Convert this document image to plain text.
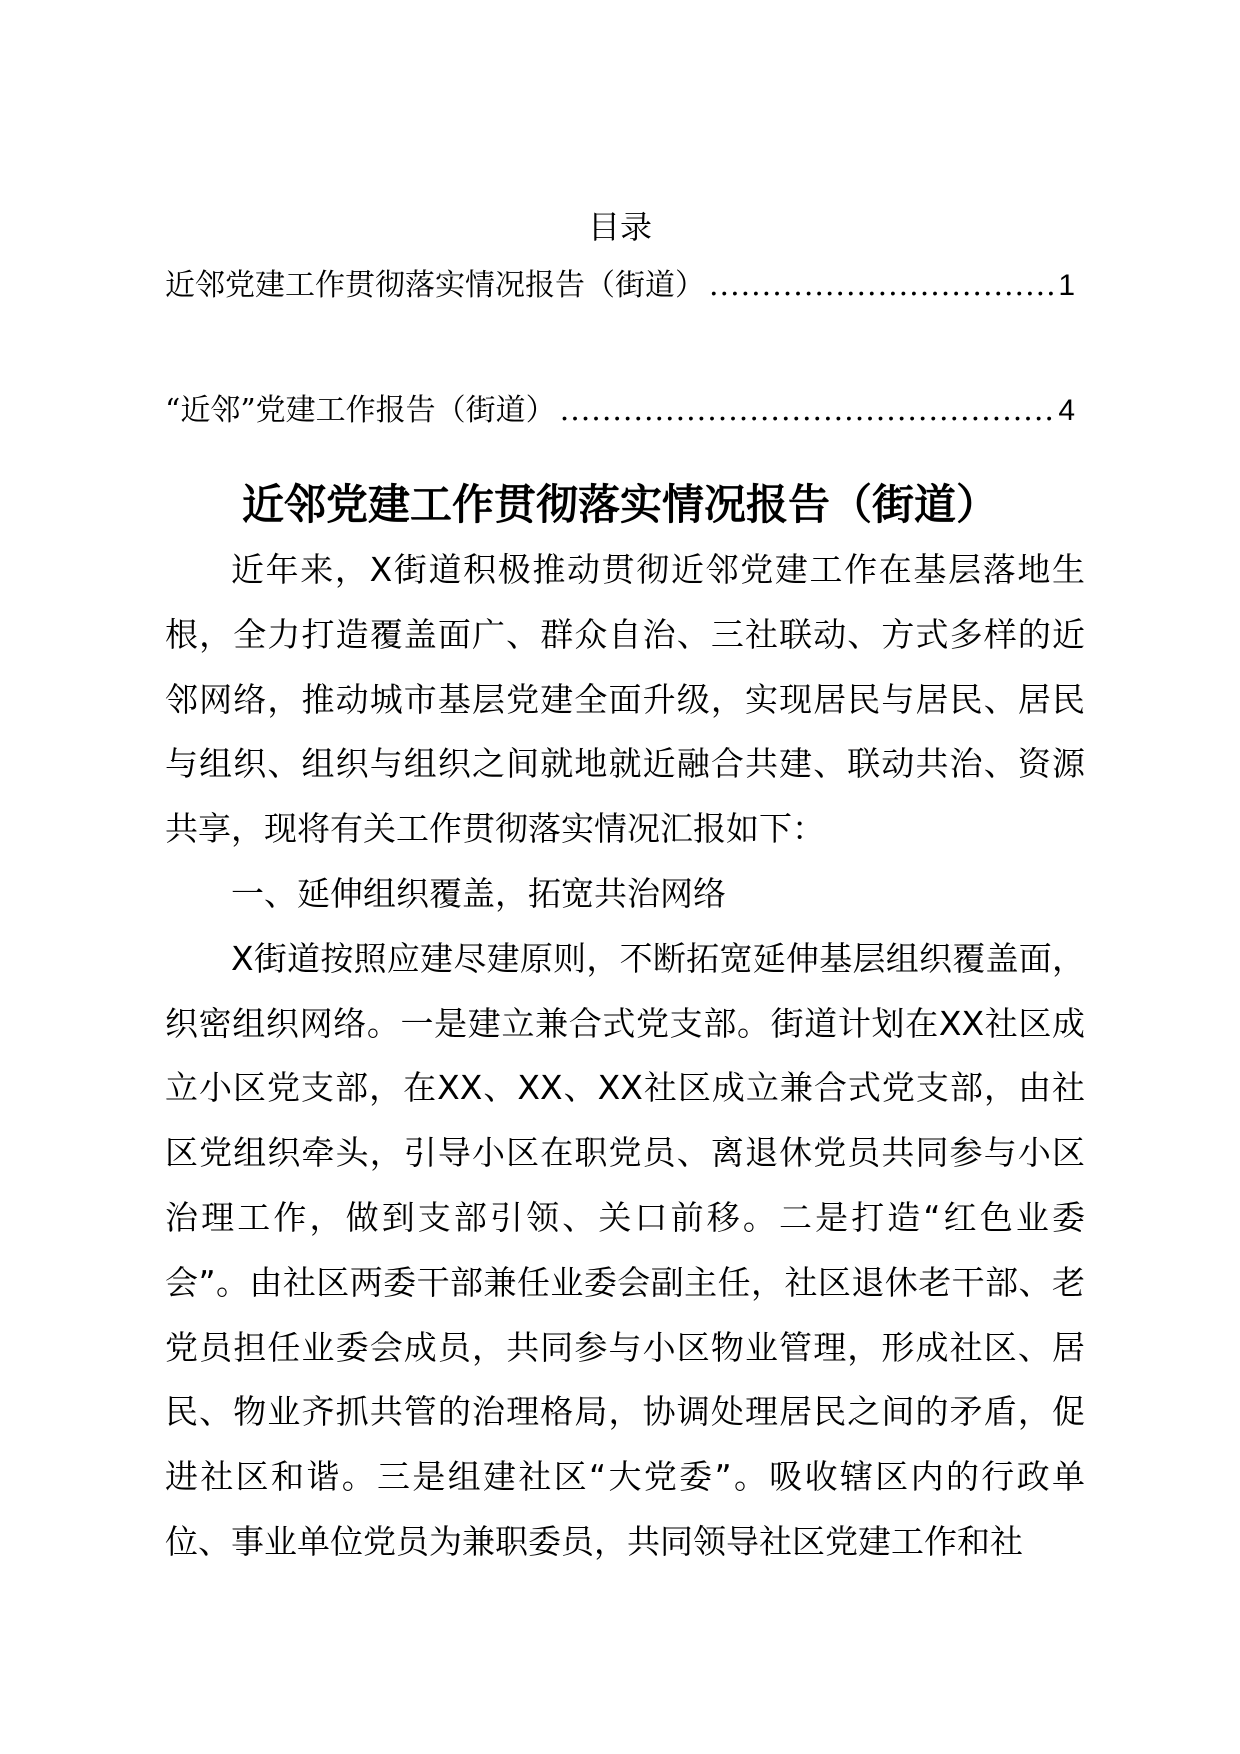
目录
近邻党建工作贯彻落实情况报告（街道） .....	1
“近邻”党建工作报告（街道） .....	4
近邻党建工作贯彻落实情况报告（街道）

近年来，X街道积极推动贯彻近邻党建工作在基层落地生根，全力打造覆盖面广、群众自治、三社联动、方式多样的近邻网络，推动城市基层党建全面升级，实现居民与居民、居民与组织、组织与组织之间就地就近融合共建、联动共治、资源共享，现将有关工作贯彻落实情况汇报如下：

一、延伸组织覆盖，拓宽共治网络

X街道按照应建尽建原则，不断拓宽延伸基层组织覆盖面，织密组织网络。一是建立兼合式党支部。街道计划在XX社区成立小区党支部，在XX、XX、XX社区成立兼合式党支部，由社区党组织牵头，引导小区在职党员、离退休党员共同参与小区治理工作，做到支部引领、关口前移。二是打造“红色业委会”。由社区两委干部兼任业委会副主任，社区退休老干部、老党员担任业委会成员，共同参与小区物业管理，形成社区、居民、物业齐抓共管的治理格局，协调处理居民之间的矛盾，促进社区和谐。三是组建社区“大党委”。吸收辖区内的行政单位、事业单位党员为兼职委员，共同领导社区党建工作和社
